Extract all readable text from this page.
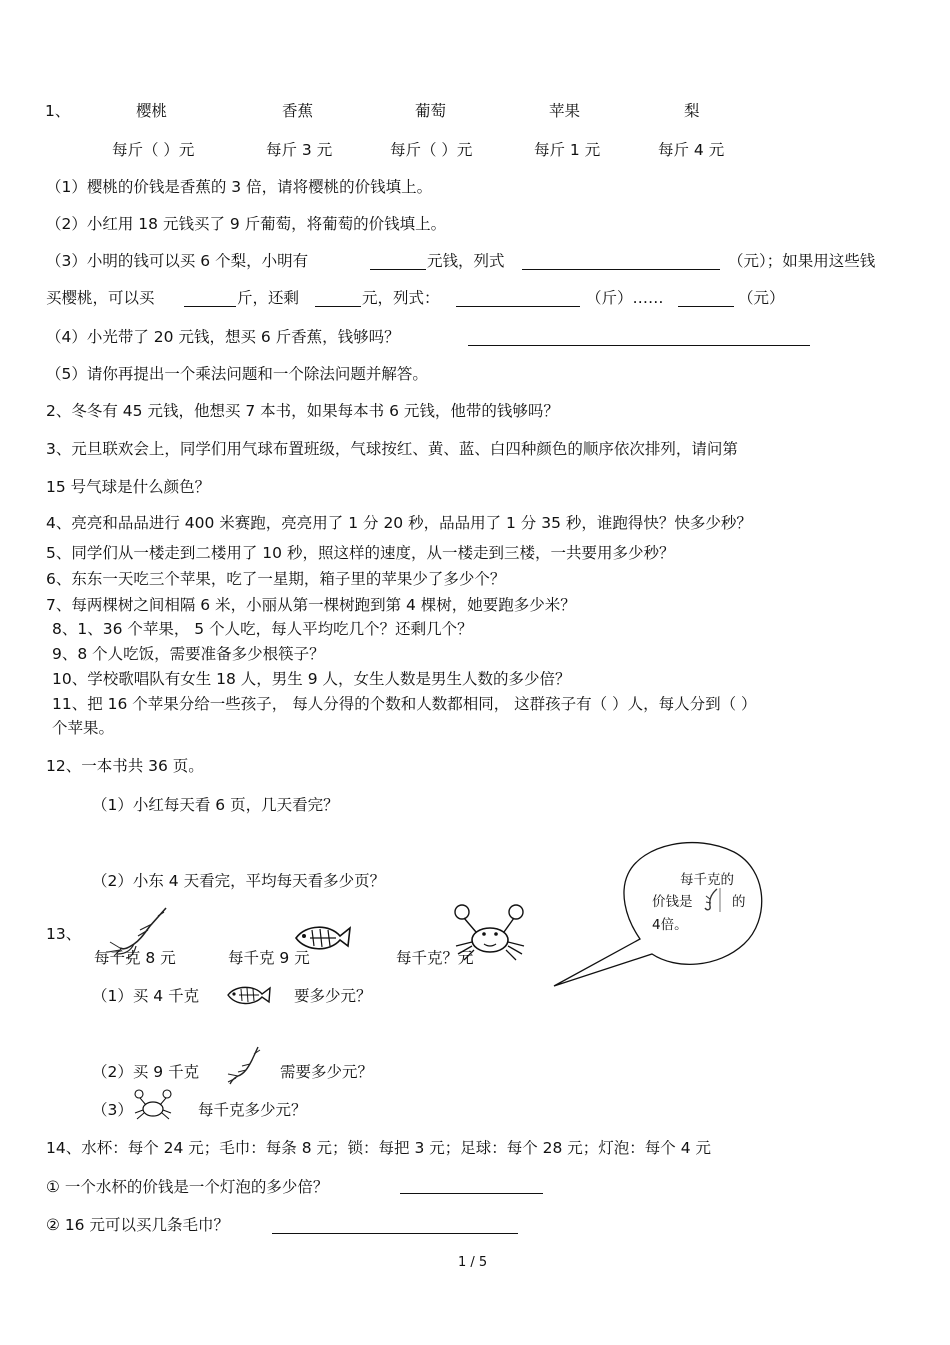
1、	樱桃	香蕉	葡萄	苹果	梨
每斤（ ）元	每斤 3 元	每斤（ ）元	每斤 1 元	每斤 4 元
（1）樱桃的价钱是香蕉的 3 倍，请将樱桃的价钱填上。
（2）小红用 18 元钱买了 9 斤葡萄，将葡萄的价钱填上。
（3）小明的钱可以买 6 个梨，小明有	元钱，列式	（元）；如果用这些钱
买樱桃，可以买	斤，还剩	元，列式：	（斤）……	（元）
（4）小光带了 20 元钱，想买 6 斤香蕉，钱够吗？
（5）请你再提出一个乘法问题和一个除法问题并解答。
2、冬冬有 45 元钱，他想买 7 本书，如果每本书 6 元钱，他带的钱够吗？
3、元旦联欢会上，同学们用气球布置班级，气球按红、黄、蓝、白四种颜色的顺序依次排列，请问第
15 号气球是什么颜色？
4、亮亮和品品进行 400 米赛跑，亮亮用了 1 分 20 秒，品品用了 1 分 35 秒，谁跑得快？快多少秒？
5、同学们从一楼走到二楼用了 10 秒，照这样的速度，从一楼走到三楼，一共要用多少秒？
6、东东一天吃三个苹果，吃了一星期，箱子里的苹果少了多少个？
7、每两棵树之间相隔 6 米，小丽从第一棵树跑到第 4 棵树，她要跑多少米？
8、1、36 个苹果， 5 个人吃，每人平均吃几个？还剩几个？
9、8 个人吃饭，需要准备多少根筷子？
10、学校歌唱队有女生 18 人，男生 9 人，女生人数是男生人数的多少倍？
11、把 16 个苹果分给一些孩子， 每人分得的个数和人数都相同， 这群孩子有（ ）人，每人分到（ ）
个苹果。
12、一本书共 36 页。
（1）小红每天看 6 页，几天看完？
（2）小东 4 天看完，平均每天看多少页？	每千克的
价钱是	的
4倍。
13、
每千克 8 元	每千克 9 元	每千克？元
（1）买 4 千克	要多少元？
（2）买 9 千克	需要多少元？
（3）	每千克多少元？
14、水杯：每个 24 元；毛巾：每条 8 元；锁：每把 3 元；足球：每个 28 元；灯泡：每个 4 元
① 一个水杯的价钱是一个灯泡的多少倍？
② 16 元可以买几条毛巾？
1 / 5
